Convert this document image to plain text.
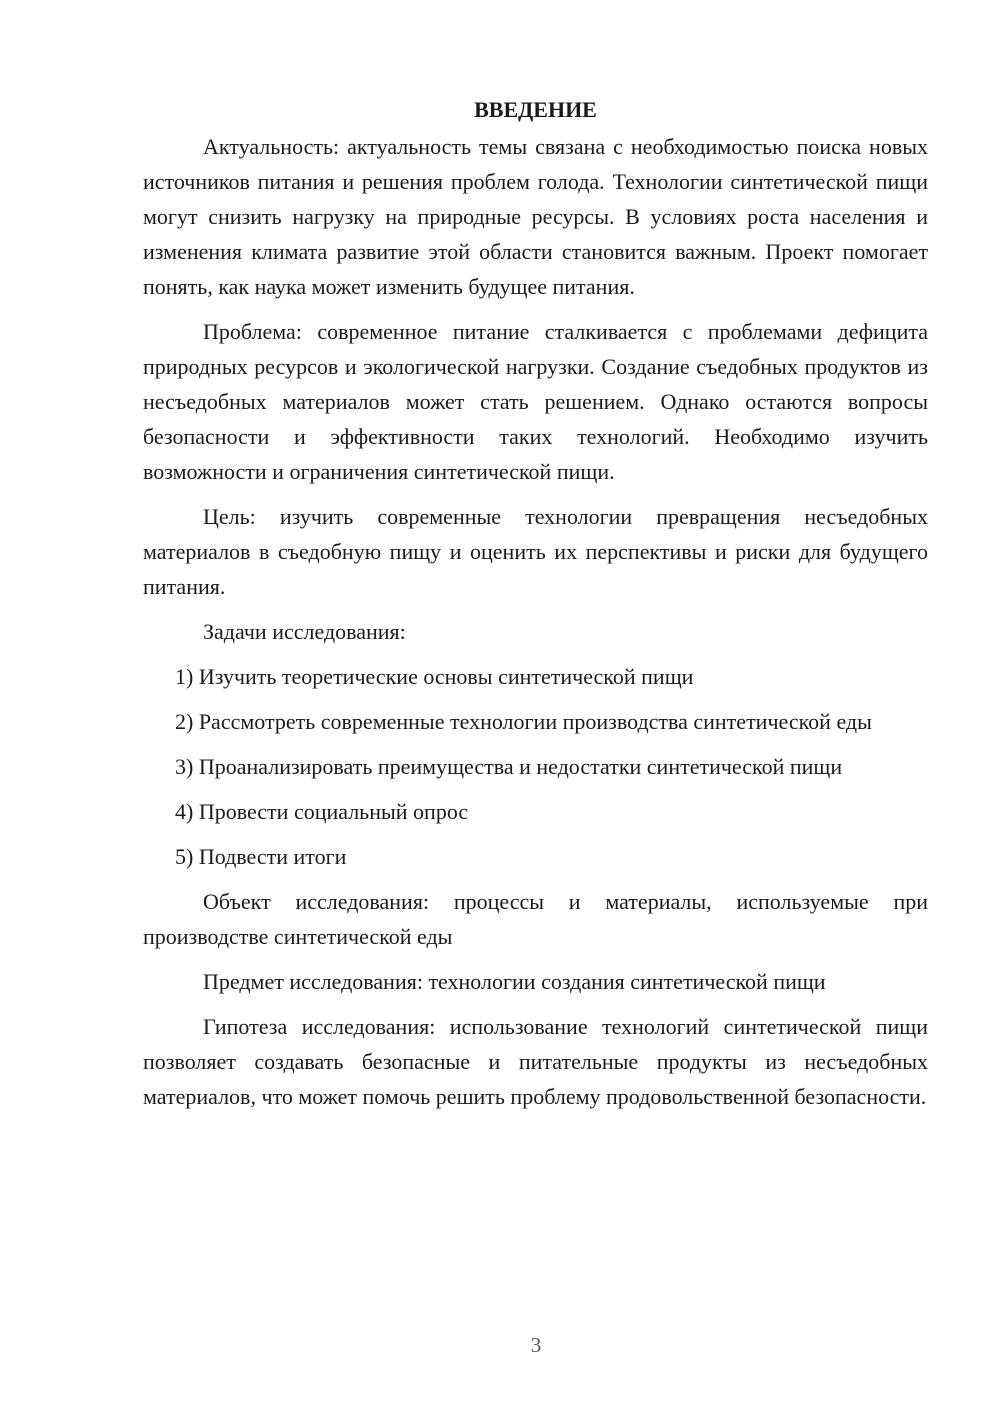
ВВЕДЕНИЕ

Актуальность: актуальность темы связана с необходимостью поиска новых источников питания и решения проблем голода. Технологии синтетической пищи могут снизить нагрузку на природные ресурсы. В условиях роста населения и изменения климата развитие этой области становится важным. Проект помогает понять, как наука может изменить будущее питания.

Проблема: современное питание сталкивается с проблемами дефицита природных ресурсов и экологической нагрузки. Создание съедобных продуктов из несъедобных материалов может стать решением. Однако остаются вопросы безопасности и эффективности таких технологий. Необходимо изучить возможности и ограничения синтетической пищи.

Цель: изучить современные технологии превращения несъедобных материалов в съедобную пищу и оценить их перспективы и риски для будущего питания.

Задачи исследования:

1) Изучить теоретические основы синтетической пищи

2) Рассмотреть современные технологии производства синтетической еды

3) Проанализировать преимущества и недостатки синтетической пищи

4) Провести социальный опрос

5) Подвести итоги

Объект исследования: процессы и материалы, используемые при производстве синтетической еды

Предмет исследования: технологии создания синтетической пищи

Гипотеза исследования: использование технологий синтетической пищи позволяет создавать безопасные и питательные продукты из несъедобных материалов, что может помочь решить проблему продовольственной безопасности.

3
